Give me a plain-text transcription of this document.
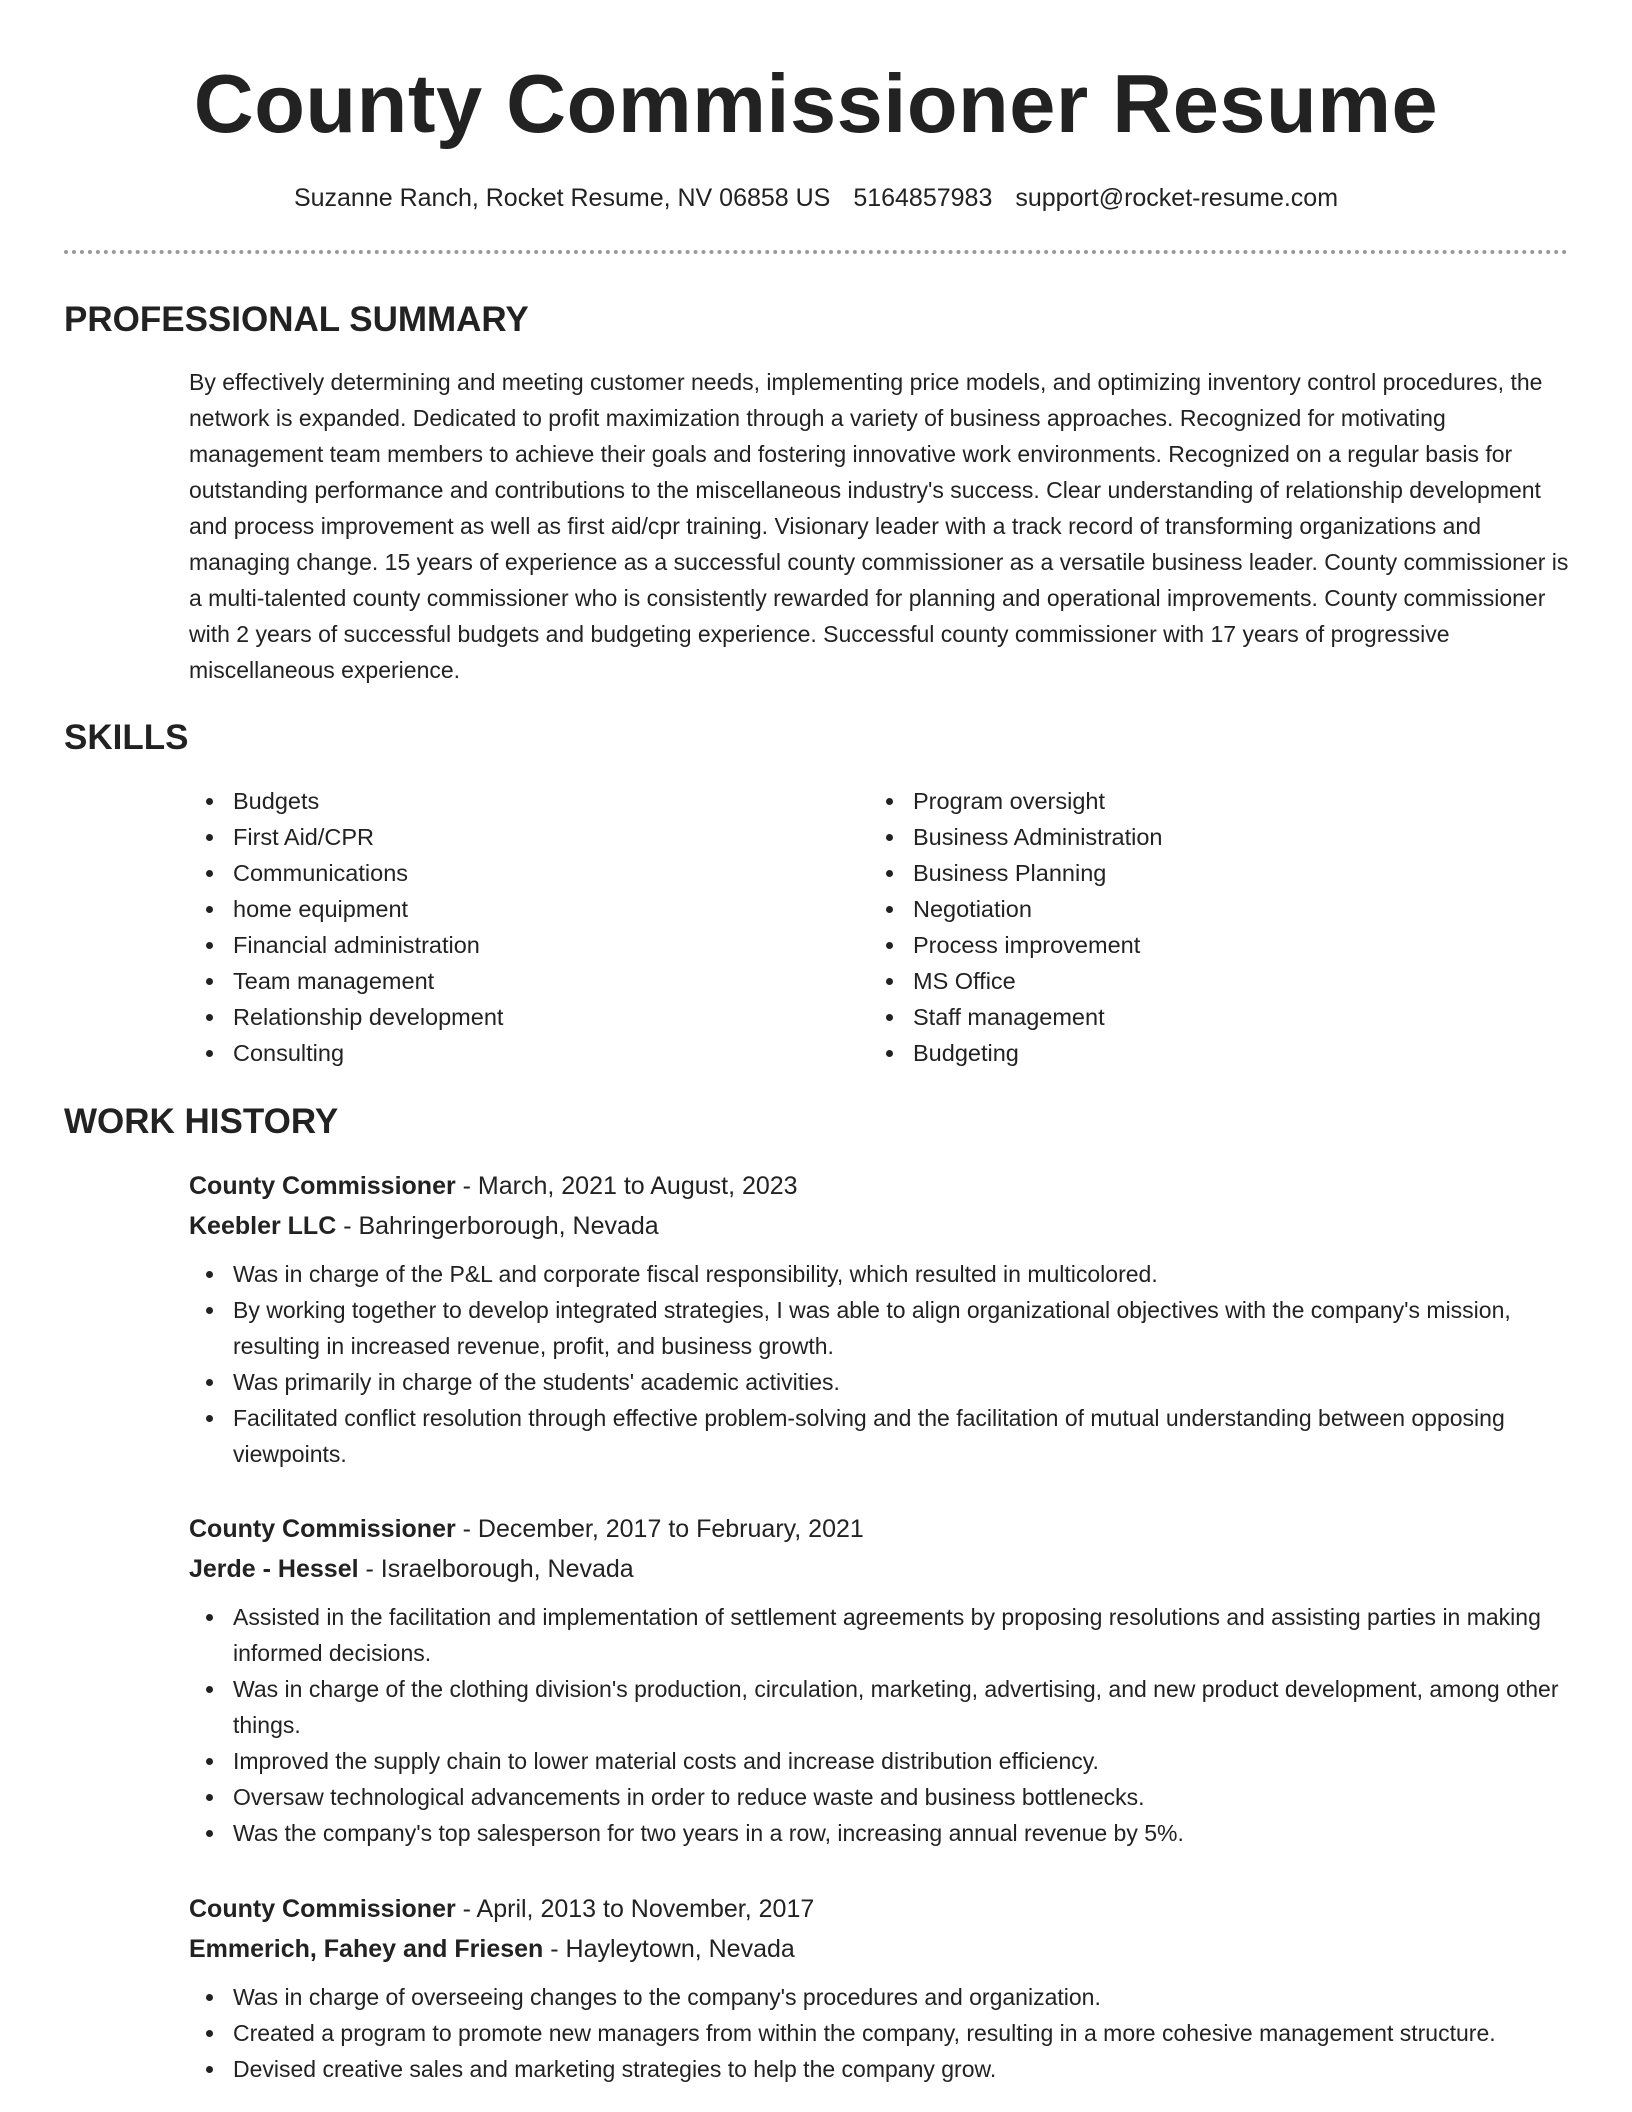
County Commissioner Resume
Suzanne Ranch, Rocket Resume, NV 06858 US 5164857983 support@rocket-resume.com
PROFESSIONAL SUMMARY

By effectively determining and meeting customer needs, implementing price models, and optimizing inventory control procedures, the network is expanded. Dedicated to profit maximization through a variety of business approaches. Recognized for motivating management team members to achieve their goals and fostering innovative work environments. Recognized on a regular basis for outstanding performance and contributions to the miscellaneous industry's success. Clear understanding of relationship development and process improvement as well as first aid/cpr training. Visionary leader with a track record of transforming organizations and managing change. 15 years of experience as a successful county commissioner as a versatile business leader. County commissioner is a multi-talented county commissioner who is consistently rewarded for planning and operational improvements. County commissioner with 2 years of successful budgets and budgeting experience. Successful county commissioner with 17 years of progressive miscellaneous experience.

SKILLS
Budgets
First Aid/CPR
Communications
home equipment
Financial administration
Team management
Relationship development
Consulting
Program oversight
Business Administration
Business Planning
Negotiation
Process improvement
MS Office
Staff management
Budgeting
WORK HISTORY
County Commissioner - March, 2021 to August, 2023
Keebler LLC - Bahringerborough, Nevada
Was in charge of the P&L and corporate fiscal responsibility, which resulted in multicolored.
By working together to develop integrated strategies, I was able to align organizational objectives with the company's mission, resulting in increased revenue, profit, and business growth.
Was primarily in charge of the students' academic activities.
Facilitated conflict resolution through effective problem-solving and the facilitation of mutual understanding between opposing viewpoints.
County Commissioner - December, 2017 to February, 2021
Jerde - Hessel - Israelborough, Nevada
Assisted in the facilitation and implementation of settlement agreements by proposing resolutions and assisting parties in making informed decisions.
Was in charge of the clothing division's production, circulation, marketing, advertising, and new product development, among other things.
Improved the supply chain to lower material costs and increase distribution efficiency.
Oversaw technological advancements in order to reduce waste and business bottlenecks.
Was the company's top salesperson for two years in a row, increasing annual revenue by 5%.
County Commissioner - April, 2013 to November, 2017
Emmerich, Fahey and Friesen - Hayleytown, Nevada
Was in charge of overseeing changes to the company's procedures and organization.
Created a program to promote new managers from within the company, resulting in a more cohesive management structure.
Devised creative sales and marketing strategies to help the company grow.
